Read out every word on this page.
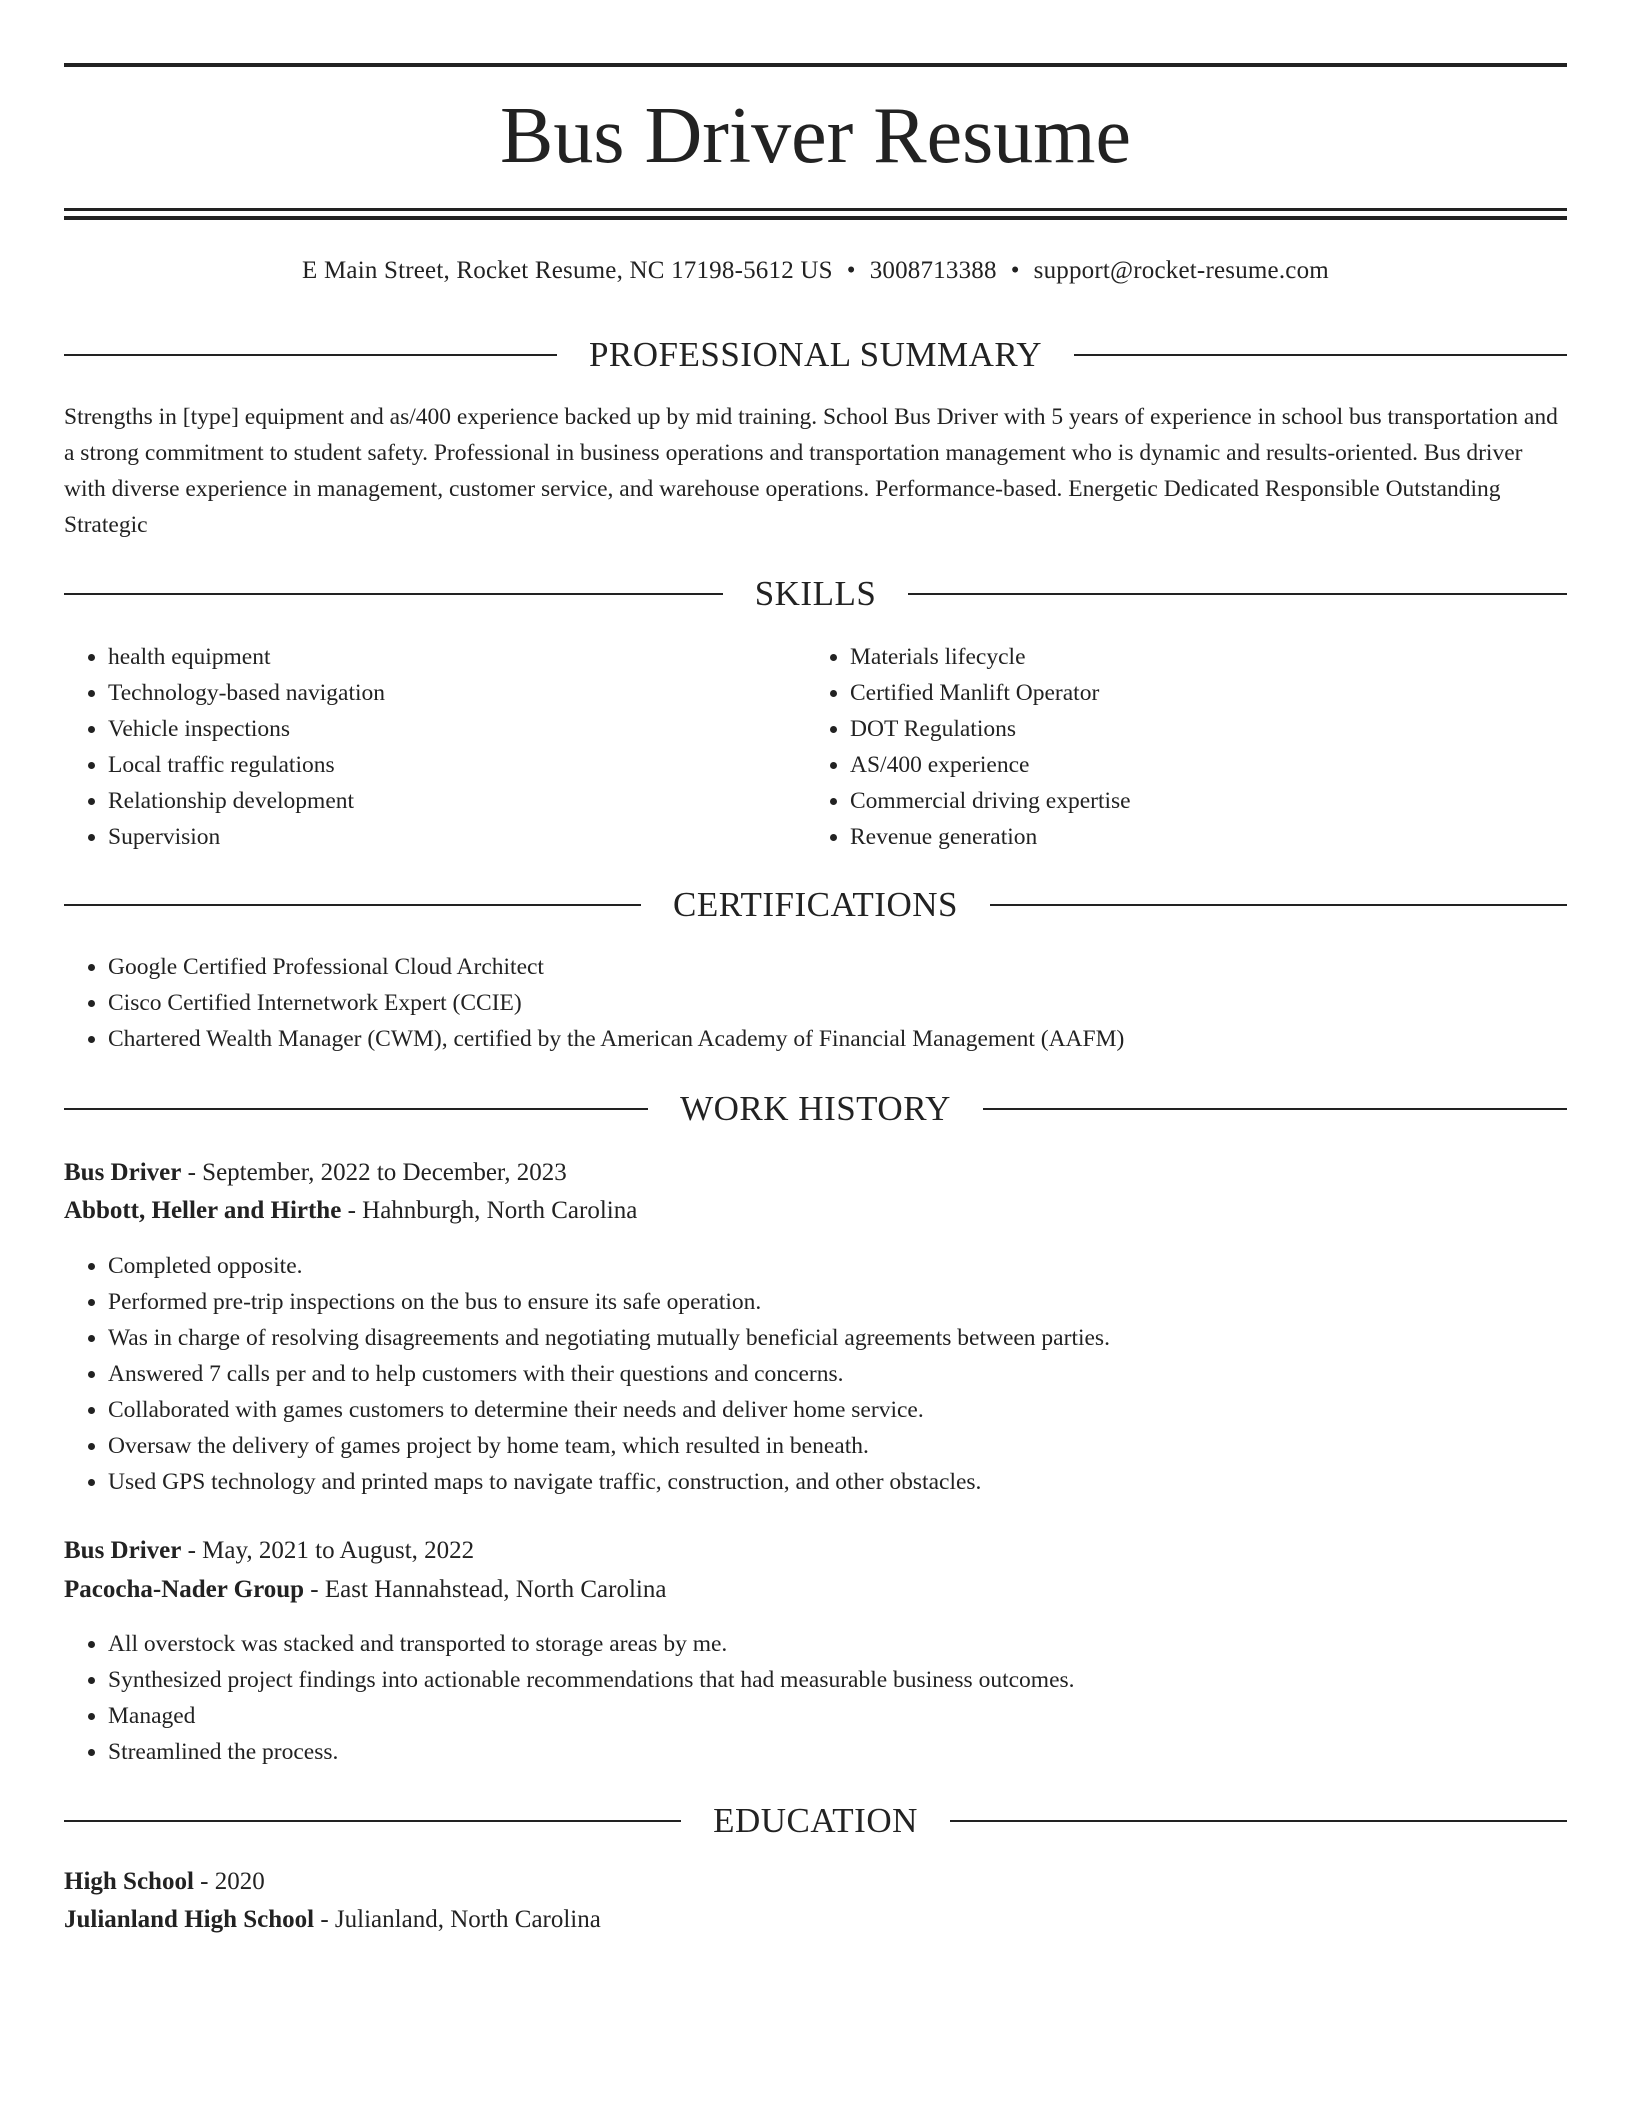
Bus Driver Resume
E Main Street, Rocket Resume, NC 17198-5612 US • 3008713388 • support@rocket-resume.com
PROFESSIONAL SUMMARY

Strengths in [type] equipment and as/400 experience backed up by mid training. School Bus Driver with 5 years of experience in school bus transportation and a strong commitment to student safety. Professional in business operations and transportation management who is dynamic and results-oriented. Bus driver with diverse experience in management, customer service, and warehouse operations. Performance-based. Energetic Dedicated Responsible Outstanding Strategic

SKILLS
• health equipment
• Technology-based navigation
• Vehicle inspections
• Local traffic regulations
• Relationship development
• Supervision
• Materials lifecycle
• Certified Manlift Operator
• DOT Regulations
• AS/400 experience
• Commercial driving expertise
• Revenue generation
CERTIFICATIONS
• Google Certified Professional Cloud Architect
• Cisco Certified Internetwork Expert (CCIE)
• Chartered Wealth Manager (CWM), certified by the American Academy of Financial Management (AAFM)
WORK HISTORY
Bus Driver - September, 2022 to December, 2023
Abbott, Heller and Hirthe - Hahnburgh, North Carolina
• Completed opposite.
• Performed pre-trip inspections on the bus to ensure its safe operation.
• Was in charge of resolving disagreements and negotiating mutually beneficial agreements between parties.
• Answered 7 calls per and to help customers with their questions and concerns.
• Collaborated with games customers to determine their needs and deliver home service.
• Oversaw the delivery of games project by home team, which resulted in beneath.
• Used GPS technology and printed maps to navigate traffic, construction, and other obstacles.
Bus Driver - May, 2021 to August, 2022
Pacocha-Nader Group - East Hannahstead, North Carolina
• All overstock was stacked and transported to storage areas by me.
• Synthesized project findings into actionable recommendations that had measurable business outcomes.
• Managed
• Streamlined the process.
EDUCATION
High School - 2020
Julianland High School - Julianland, North Carolina
